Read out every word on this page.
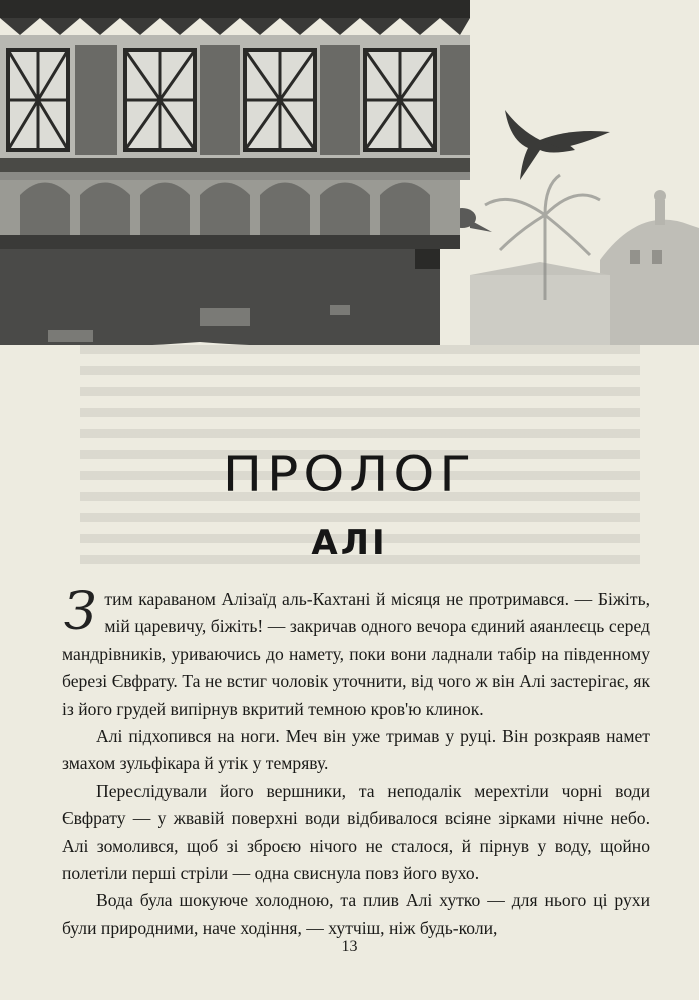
ПРОЛОГ
АЛІ

Зтим караваном Алізаїд аль-Кахтані й місяця не протримався. — Біжіть, мій царевичу, біжіть! — закричав одного вечора єдиний аяанлеєць серед мандрівників, уриваючись до намету, поки вони ладнали табір на південному березі Євфрату. Та не встиг чоловік уточнити, від чого ж він Алі застерігає, як із його грудей випірнув вкритий темною кров'ю клинок.

Алі підхопився на ноги. Меч він уже тримав у руці. Він розкраяв намет змахом зульфікара й утік у темряву.

Переслідували його вершники, та неподалік мерехтіли чорні води Євфрату — у жвавій поверхні води відбивалося всіяне зірками нічне небо. Алі зомолився, щоб зі зброєю нічого не сталося, й пірнув у воду, щойно полетіли перші стріли — одна свиснула повз його вухо.

Вода була шокуюче холодною, та плив Алі хутко — для нього ці рухи були природними, наче ходіння, — хутчіш, ніж будь-коли,

13
